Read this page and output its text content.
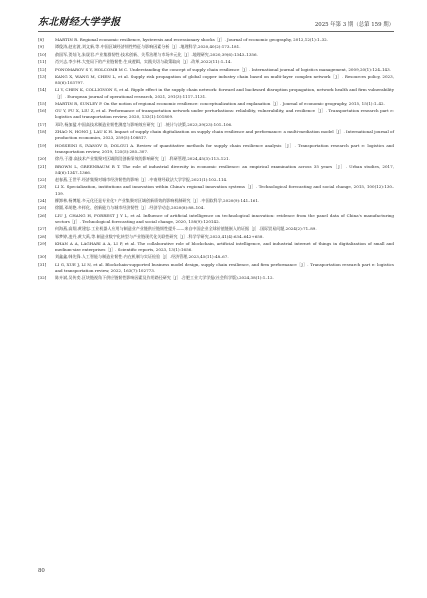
东北财经大学学报	2025 年第 3 期（总第 159 期）
[8]	MARTIN R. Regional economic resilience, hysteresis and recessionary shocks［J］. Journal of economic geography, 2012,12(1):1–32.
[9]	谭俊涛,赵宏波,刘文新,等.中国区域经济韧性特征与影响因素分析［J］.地理科学,2020,40(2):173–181.
[10]	俞国军,贺灿飞,朱晟君.产业集群韧性:技术创新、关系治理与市场多元化［J］.地理研究,2020,39(6):1343–1356.
[11]	肖兴志,李少林.大变局下的产业链韧性:生成逻辑、实践关切与政策取向［J］.改革,2022(11):1–14.
[12]	PONOMAROV S Y, HOLCOMB M C. Understanding the concept of supply chain resilience［J］. International journal of logistics management, 2009,20(1):124–143.
[13]	KANG X, WANG M, CHEN L, et al. Supply risk propagation of global copper industry chain based on multi-layer complex network［J］. Resources policy, 2023, 85(6):103797.
[14]	LI Y, CHEN K, COLLIGNON S, et al. Ripple effect in the supply chain network: forward and backward disruption propagation, network health and firm vulnerability［J］. European journal of operational research, 2021, 291(3):1117–1131.
[15]	MARTIN R, SUNLEY P. On the notion of regional economic resilience: conceptualization and explanation［J］. Journal of economic geography, 2015, 15(1):1–42.
[16]	GU Y, FU X, LIU Z, et al. Performance of transportation network under perturbations: reliability, vulnerability, and resilience［J］. Transportation research part e: logistics and transportation review, 2020, 133(1):101809.
[17]	邓玲,杨加猛.中国高技术制造业韧性测度与影响效应研究［J］.统计与决策,2023,39(23):101–106.
[18]	ZHAO N, HONG J, LAU K H. Impact of supply chain digitalization on supply chain resilience and performance: a multi-mediation model［J］. International journal of production economics, 2023, 259(5):108817.
[19]	HOSSEINI S, IVANOV D, DOLGUI A. Review of quantitative methods for supply chain resilience analysis［J］. Transportation research part e: logistics and transportation review, 2019, 125(5):285–307.
[20]	徐丹,于渤.高技术产业集聚对区域阶段创新绩效的影响研究［J］.科研管理,2024,45(3):113–121.
[21]	BROWN L, GREENBAUM R T. The role of industrial diversity in economic resilience: an empirical examination across 35 years［J］. Urban studies, 2017, 54(6):1347–1366.
[22]	赵春燕,王世平.经济集聚对城市经济韧性的影响［J］.中南财经政法大学学报,2021(1):102–114.
[23]	LI X. Specialization, institutions and innovation within China's regional innovation systems［J］. Technological forecasting and social change, 2015, 100(12):130–139.
[24]	柳卸林,杨博旭.多元化还是专业化? 产业集聚对区域创新绩效的影响机制研究［J］.中国软科学,2020(9):141–161.
[25]	徐圆,邓胡艳.多样化、创新能力与城市经济韧性［J］.经济学动态,2020(8):88–104.
[26]	LIU J, CHANG H, FORREST J Y L, et al. Influence of artificial intelligence on technological innovation: evidence from the panel data of China's manufacturing sectors［J］. Technological forecasting and social change, 2020, 158(9):120142.
[27]	何海燕,高翔,黄建忠.工业机器人应用与制造业产业链供应链韧性提升——来自中国企业全球价值链嵌入的证据［J］.国际贸易问题,2024(2):71–89.
[28]	邹梦婷,凌丹,黄大禹,等.制造业数字化转型与产业链现代化关联性研究［J］.科学学研究,2023,41(4):634–642+658.
[29]	KHAN A A, LAGHARI A A, LI P, et al. The collaborative role of blockchain, artificial intelligence, and industrial internet of things in digitalization of small and medium-size enterprises［J］. Scientific reports, 2023, 13(1):1656.
[30]	刘鑫鑫,韩先锋.人工智能与制造业韧性:内在机制与实证检验［J］.经济管理,2023,45(11):48–67.
[31]	LI G, XUE J, LI N, et al. Blockchain-supported business model design, supply chain resilience, and firm performance［J］. Transportation research part e: logistics and transportation review, 2022, 163(7):102773.
[32]	陈卉斌,吴传奕.区块链视角下供应链韧性影响因素及作用路径研究［J］.合肥工业大学学报(社会科学版),2024,38(1):1–12.
80
